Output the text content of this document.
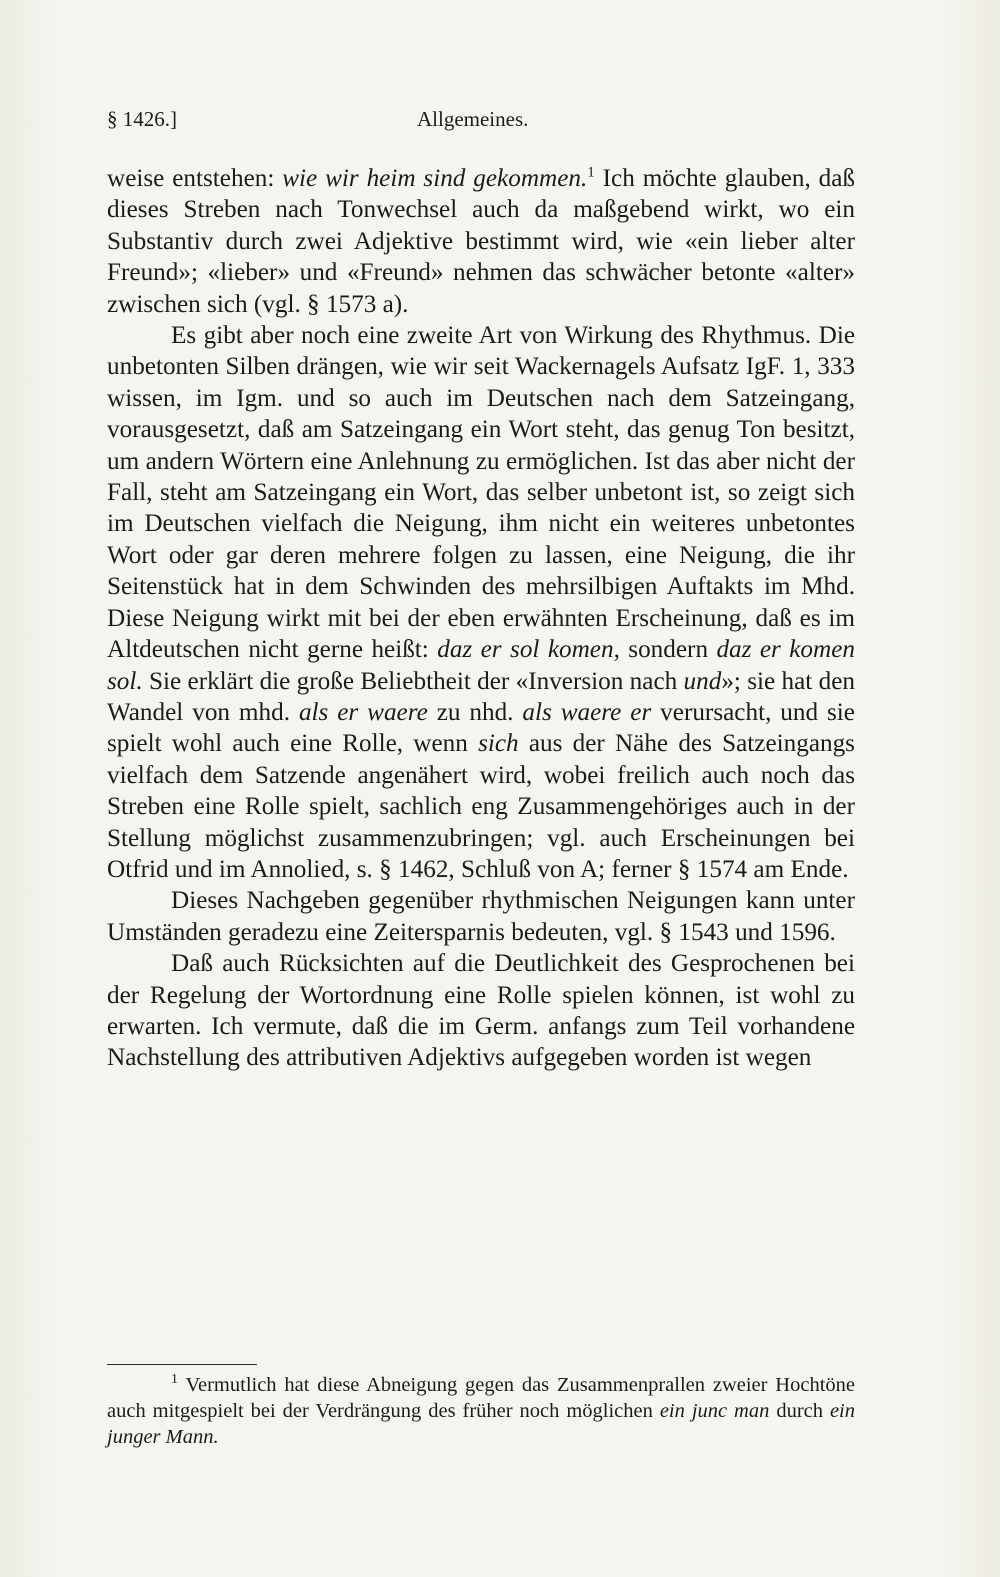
§ 1426.]	Allgemeines.

weise entstehen: wie wir heim sind gekommen.$^1$ Ich möchte glauben, daß dieses Streben nach Tonwechsel auch da maßgebend wirkt, wo ein Substantiv durch zwei Adjektive bestimmt wird, wie «ein lieber alter Freund»; «lieber» und «Freund» nehmen das schwächer betonte «alter» zwischen sich (vgl. § 1573 a).

Es gibt aber noch eine zweite Art von Wirkung des Rhythmus. Die unbetonten Silben drängen, wie wir seit Wackernagels Aufsatz IgF. 1, 333 wissen, im Igm. und so auch im Deutschen nach dem Satzeingang, vorausgesetzt, daß am Satzeingang ein Wort steht, das genug Ton besitzt, um andern Wörtern eine Anlehnung zu ermöglichen. Ist das aber nicht der Fall, steht am Satzeingang ein Wort, das selber unbetont ist, so zeigt sich im Deutschen vielfach die Neigung, ihm nicht ein weiteres unbetontes Wort oder gar deren mehrere folgen zu lassen, eine Neigung, die ihr Seitenstück hat in dem Schwinden des mehrsilbigen Auftakts im Mhd. Diese Neigung wirkt mit bei der eben erwähnten Erscheinung, daß es im Altdeutschen nicht gerne heißt: daz er sol komen, sondern daz er komen sol. Sie erklärt die große Beliebtheit der «Inversion nach und»; sie hat den Wandel von mhd. als er waere zu nhd. als waere er verursacht, und sie spielt wohl auch eine Rolle, wenn sich aus der Nähe des Satzeingangs vielfach dem Satzende angenähert wird, wobei freilich auch noch das Streben eine Rolle spielt, sachlich eng Zusammengehöriges auch in der Stellung möglichst zusammenzubringen; vgl. auch Erscheinungen bei Otfrid und im Annolied, s. § 1462, Schluß von A; ferner § 1574 am Ende.

Dieses Nachgeben gegenüber rhythmischen Neigungen kann unter Umständen geradezu eine Zeitersparnis bedeuten, vgl. § 1543 und 1596.

Daß auch Rücksichten auf die Deutlichkeit des Gesprochenen bei der Regelung der Wortordnung eine Rolle spielen können, ist wohl zu erwarten. Ich vermute, daß die im Germ. anfangs zum Teil vorhandene Nachstellung des attributiven Adjektivs aufgegeben worden ist wegen

$^1$ Vermutlich hat diese Abneigung gegen das Zusammenprallen zweier Hochtöne auch mitgespielt bei der Verdrängung des früher noch möglichen ein junc man durch ein junger Mann.
